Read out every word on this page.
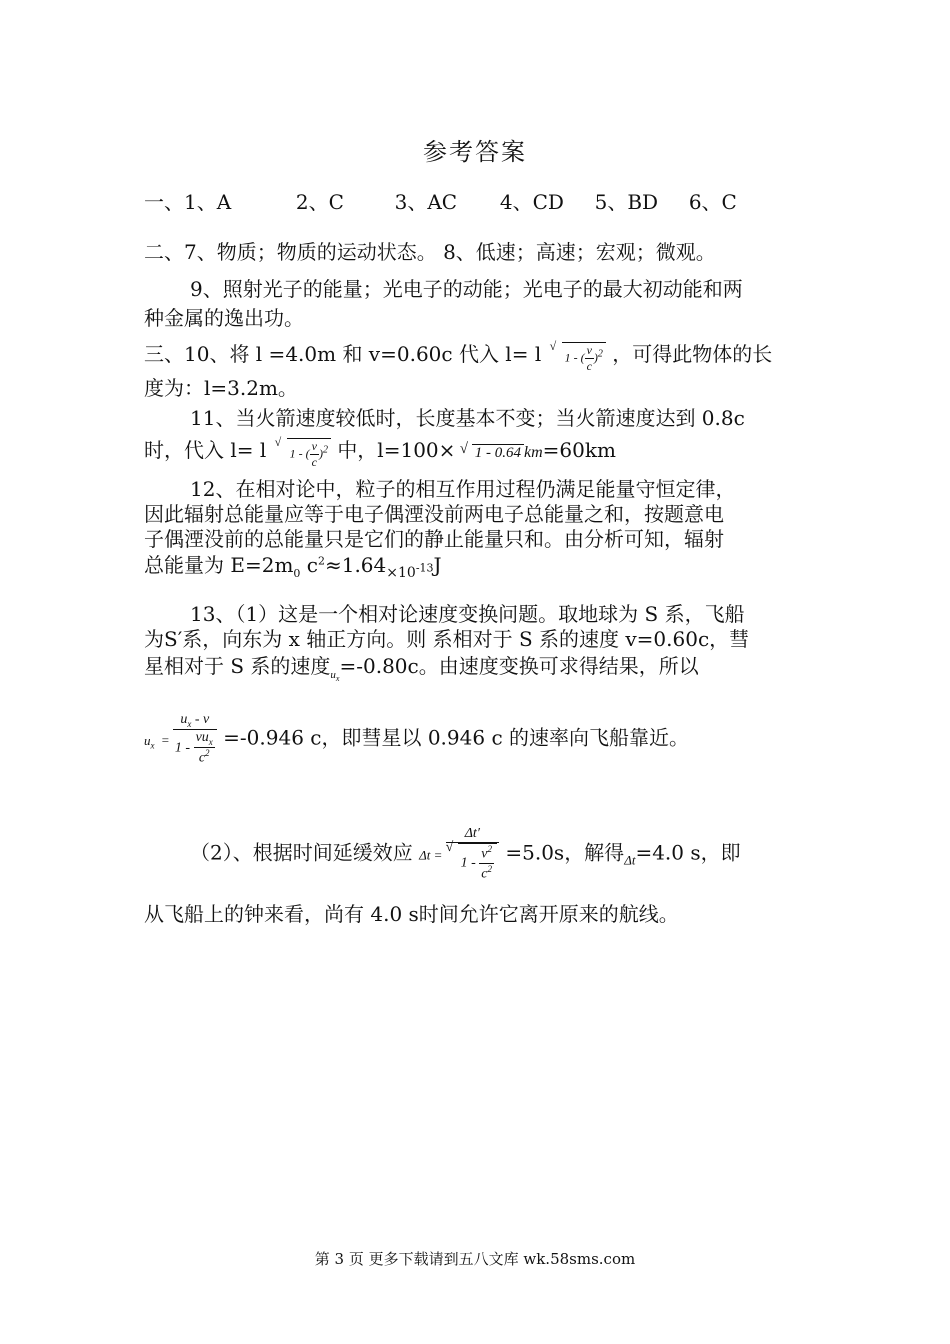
参考答案
一、1、A	2、C	3、AC 4、CD 5、BD 6、C
二、7、物质；物质的运动状态。 8、低速；高速；宏观；微观。
9、照射光子的能量；光电子的动能；光电子的最大初动能和两
种金属的逸出功。
三、10、将 l =4.0m 和 v=0.60c 代入 l= l √ 1 - ( $\frac{v}{c} )^2$ ，可得此物体的长
度为：l=3.2m。
11、当火箭速度较低时，长度基本不变；当火箭速度达到 0.8c
时，代入 l= l √ 1 - ( $\frac{v}{c} )^2$ 中，l=100× √ 1 - 0.64 km=60km
12、在相对论中，粒子的相互作用过程仍满足能量守恒定律，
因此辐射总能量应等于电子偶湮没前两电子总能量之和，按题意电
子偶湮没前的总能量只是它们的静止能量只和。由分析可知，辐射
总能量为 $E=2m_0$ $c^2\approx 1.64_{\times 10^{-13}}J$
13、（1）这是一个相对论速度变换问题。取地球为 S 系，飞船
为S′系，向东为 x 轴正方向。则 系相对于 S 系的速度 v=0.60c，彗
星相对于 S 系的速度$_{u_x}$=-0.80c。由速度变换可求得结果，所以
$u_x = \frac{u_x - v}{1 - \frac{vu_x}{c^2}} =-0.946$ c，即彗星以 0.946 c 的速率向飞船靠近。
（2）、根据时间延缓效应 Δt = Δt′
√ $1 - \frac{v^2}{c^2} =5.0s$，解得$_{\Delta t}$=4.0 s，即
从飞船上的钟来看，尚有 4.0 s时间允许它离开原来的航线。
第 3 页 更多下载请到五八文库 wk.58sms.com
